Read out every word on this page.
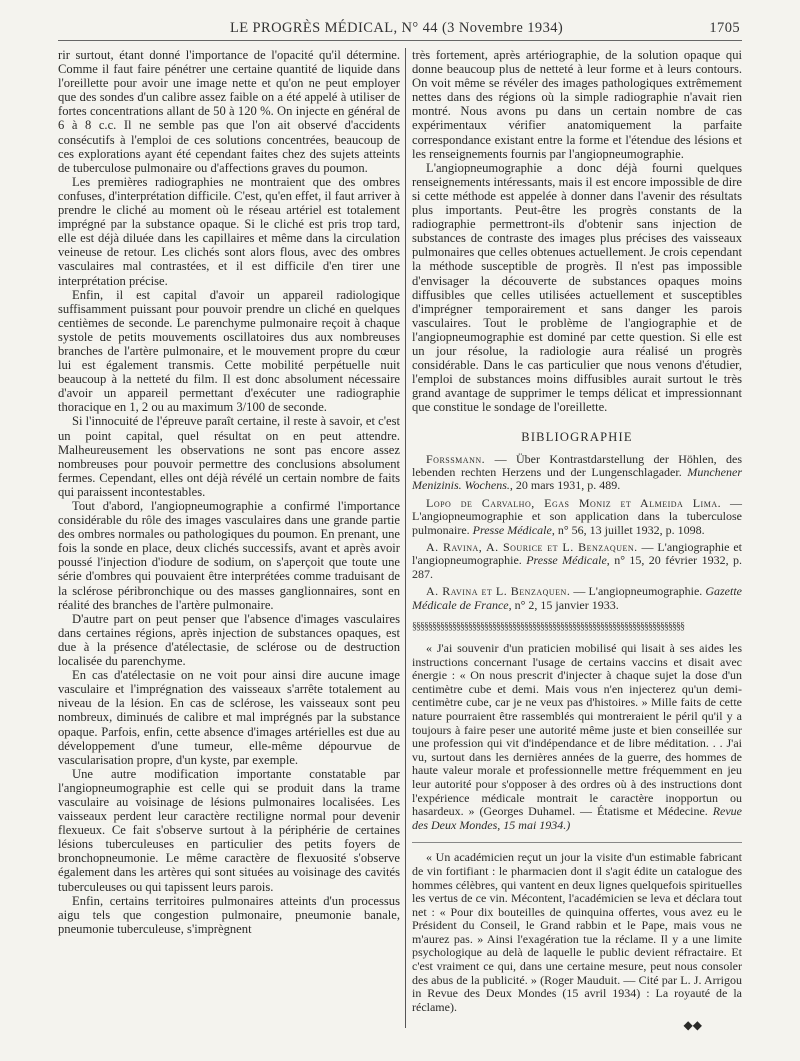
LE PROGRÈS MÉDICAL, N° 44 (3 Novembre 1934)	1705

rir surtout, étant donné l'importance de l'opacité qu'il détermine. Comme il faut faire pénétrer une certaine quantité de liquide dans l'oreillette pour avoir une image nette et qu'on ne peut employer que des sondes d'un calibre assez faible on a été appelé à utiliser de fortes concentrations allant de 50 à 120 %. On injecte en général de 6 à 8 c.c. Il ne semble pas que l'on ait observé d'accidents consécutifs à l'emploi de ces solutions concentrées, beaucoup de ces explorations ayant été cependant faites chez des sujets atteints de tuberculose pulmonaire ou d'affections graves du poumon.

Les premières radiographies ne montraient que des ombres confuses, d'interprétation difficile. C'est, qu'en effet, il faut arriver à prendre le cliché au moment où le réseau artériel est totalement imprégné par la substance opaque. Si le cliché est pris trop tard, elle est déjà diluée dans les capillaires et même dans la circulation veineuse de retour. Les clichés sont alors flous, avec des ombres vasculaires mal contrastées, et il est difficile d'en tirer une interprétation précise.

Enfin, il est capital d'avoir un appareil radiologique suffisamment puissant pour pouvoir prendre un cliché en quelques centièmes de seconde. Le parenchyme pulmonaire reçoit à chaque systole de petits mouvements oscillatoires dus aux nombreuses branches de l'artère pulmonaire, et le mouvement propre du cœur lui est également transmis. Cette mobilité perpétuelle nuit beaucoup à la netteté du film. Il est donc absolument nécessaire d'avoir un appareil permettant d'exécuter une radiographie thoracique en 1, 2 ou au maximum 3/100 de seconde.

Si l'innocuité de l'épreuve paraît certaine, il reste à savoir, et c'est un point capital, quel résultat on en peut attendre. Malheureusement les observations ne sont pas encore assez nombreuses pour pouvoir permettre des conclusions absolument fermes. Cependant, elles ont déjà révélé un certain nombre de faits qui paraissent incontestables.

Tout d'abord, l'angiopneumographie a confirmé l'importance considérable du rôle des images vasculaires dans une grande partie des ombres normales ou pathologiques du poumon. En prenant, une fois la sonde en place, deux clichés successifs, avant et après avoir poussé l'injection d'iodure de sodium, on s'aperçoit que toute une série d'ombres qui pouvaient être interprétées comme traduisant de la sclérose péribronchique ou des masses ganglionnaires, sont en réalité des branches de l'artère pulmonaire.

D'autre part on peut penser que l'absence d'images vasculaires dans certaines régions, après injection de substances opaques, est due à la présence d'atélectasie, de sclérose ou de destruction localisée du parenchyme.

En cas d'atélectasie on ne voit pour ainsi dire aucune image vasculaire et l'imprégnation des vaisseaux s'arrête totalement au niveau de la lésion. En cas de sclérose, les vaisseaux sont peu nombreux, diminués de calibre et mal imprégnés par la substance opaque. Parfois, enfin, cette absence d'images artérielles est due au développement d'une tumeur, elle-même dépourvue de vascularisation propre, d'un kyste, par exemple.

Une autre modification importante constatable par l'angiopneumographie est celle qui se produit dans la trame vasculaire au voisinage de lésions pulmonaires localisées. Les vaisseaux perdent leur caractère rectiligne normal pour devenir flexueux. Ce fait s'observe surtout à la périphérie de certaines lésions tuberculeuses en particulier des petits foyers de bronchopneumonie. Le même caractère de flexuosité s'observe également dans les artères qui sont situées au voisinage des cavités tuberculeuses ou qui tapissent leurs parois.

Enfin, certains territoires pulmonaires atteints d'un processus aigu tels que congestion pulmonaire, pneumonie banale, pneumonie tuberculeuse, s'imprègnent

très fortement, après artériographie, de la solution opaque qui donne beaucoup plus de netteté à leur forme et à leurs contours. On voit même se révéler des images pathologiques extrêmement nettes dans des régions où la simple radiographie n'avait rien montré. Nous avons pu dans un certain nombre de cas expérimentaux vérifier anatomiquement la parfaite correspondance existant entre la forme et l'étendue des lésions et les renseignements fournis par l'angiopneumographie.

L'angiopneumographie a donc déjà fourni quelques renseignements intéressants, mais il est encore impossible de dire si cette méthode est appelée à donner dans l'avenir des résultats plus importants. Peut-être les progrès constants de la radiographie permettront-ils d'obtenir sans injection de substances de contraste des images plus précises des vaisseaux pulmonaires que celles obtenues actuellement. Je crois cependant la méthode susceptible de progrès. Il n'est pas impossible d'envisager la découverte de substances opaques moins diffusibles que celles utilisées actuellement et susceptibles d'imprégner temporairement et sans danger les parois vasculaires. Tout le problème de l'angiographie et de l'angiopneumographie est dominé par cette question. Si elle est un jour résolue, la radiologie aura réalisé un progrès considérable. Dans le cas particulier que nous venons d'étudier, l'emploi de substances moins diffusibles aurait surtout le très grand avantage de supprimer le temps délicat et impressionnant que constitue le sondage de l'oreillette.

BIBLIOGRAPHIE

Forssmann. — Über Kontrastdarstellung der Höhlen, des lebenden rechten Herzens und der Lungenschlagader. Munchener Menizinis. Wochens., 20 mars 1931, p. 489.

Lopo de Carvalho, Egas Moniz et Almeida Lima. — L'angiopneumographie et son application dans la tuberculose pulmonaire. Presse Médicale, n° 56, 13 juillet 1932, p. 1098.

A. Ravina, A. Sourice et L. Benzaquen. — L'angiographie et l'angiopneumographie. Presse Médicale, n° 15, 20 février 1932, p. 287.

A. Ravina et L. Benzaquen. — L'angiopneumographie. Gazette Médicale de France, n° 2, 15 janvier 1933.

§§§§§§§§§§§§§§§§§§§§§§§§§§§§§§§§§§§§§§§§§§§§§§§§§§§§§§§§§§§§§§§§§§§§

« J'ai souvenir d'un praticien mobilisé qui lisait à ses aides les instructions concernant l'usage de certains vaccins et disait avec énergie : « On nous prescrit d'injecter à chaque sujet la dose d'un centimètre cube et demi. Mais vous n'en injecterez qu'un demi-centimètre cube, car je ne veux pas d'histoires. » Mille faits de cette nature pourraient être rassemblés qui montreraient le péril qu'il y a toujours à faire peser une autorité même juste et bien conseillée sur une profession qui vit d'indépendance et de libre méditation. . . J'ai vu, surtout dans les dernières années de la guerre, des hommes de haute valeur morale et professionnelle mettre fréquemment en jeu leur autorité pour s'opposer à des ordres où à des instructions dont l'expérience médicale montrait le caractère inopportun ou hasardeux. » (Georges Duhamel. — Étatisme et Médecine. Revue des Deux Mondes, 15 mai 1934.)

« Un académicien reçut un jour la visite d'un estimable fabricant de vin fortifiant : le pharmacien dont il s'agit édite un catalogue des hommes célèbres, qui vantent en deux lignes quelquefois spirituelles les vertus de ce vin. Mécontent, l'académicien se leva et déclara tout net : « Pour dix bouteilles de quinquina offertes, vous avez eu le Président du Conseil, le Grand rabbin et le Pape, mais vous ne m'aurez pas. » Ainsi l'exagération tue la réclame. Il y a une limite psychologique au delà de laquelle le public devient réfractaire. Et c'est vraiment ce qui, dans une certaine mesure, peut nous consoler des abus de la publicité. » (Roger Mauduit. — Cité par L. J. Arrigou in Revue des Deux Mondes (15 avril 1934) : La royauté de la réclame).

◆◆
